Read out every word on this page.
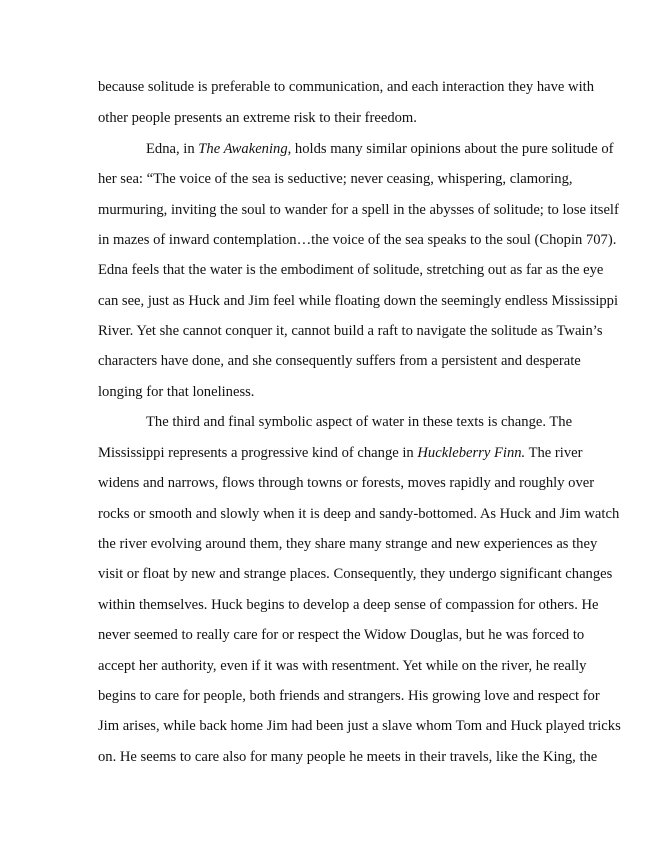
because solitude is preferable to communication, and each interaction they have with
other people presents an extreme risk to their freedom.
Edna, in The Awakening, holds many similar opinions about the pure solitude of
her sea: “The voice of the sea is seductive; never ceasing, whispering, clamoring,
murmuring, inviting the soul to wander for a spell in the abysses of solitude; to lose itself
in mazes of inward contemplation…the voice of the sea speaks to the soul (Chopin 707).
Edna feels that the water is the embodiment of solitude, stretching out as far as the eye
can see, just as Huck and Jim feel while floating down the seemingly endless Mississippi
River. Yet she cannot conquer it, cannot build a raft to navigate the solitude as Twain’s
characters have done, and she consequently suffers from a persistent and desperate
longing for that loneliness.
The third and final symbolic aspect of water in these texts is change. The
Mississippi represents a progressive kind of change in Huckleberry Finn. The river
widens and narrows, flows through towns or forests, moves rapidly and roughly over
rocks or smooth and slowly when it is deep and sandy-bottomed. As Huck and Jim watch
the river evolving around them, they share many strange and new experiences as they
visit or float by new and strange places. Consequently, they undergo significant changes
within themselves. Huck begins to develop a deep sense of compassion for others. He
never seemed to really care for or respect the Widow Douglas, but he was forced to
accept her authority, even if it was with resentment. Yet while on the river, he really
begins to care for people, both friends and strangers. His growing love and respect for
Jim arises, while back home Jim had been just a slave whom Tom and Huck played tricks
on. He seems to care also for many people he meets in their travels, like the King, the
